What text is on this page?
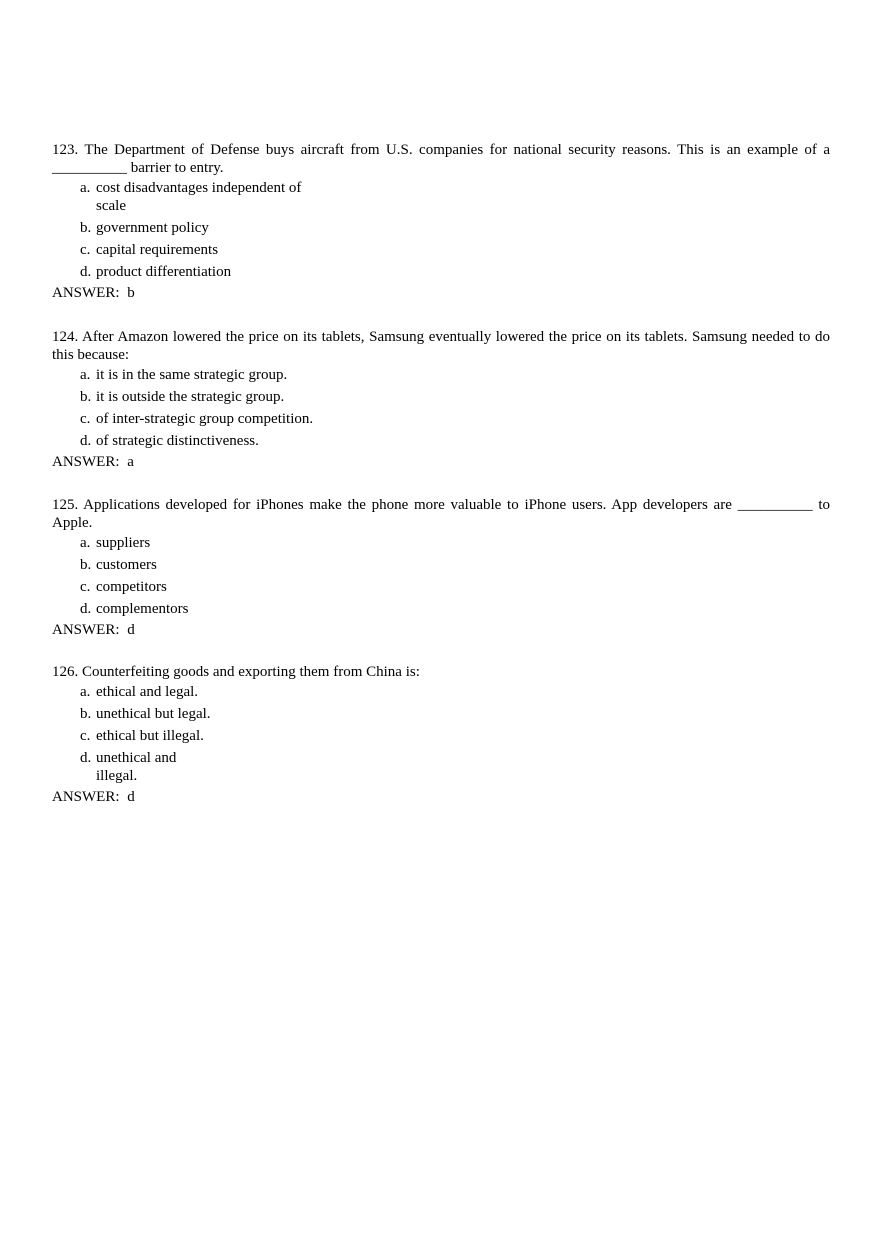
123. The Department of Defense buys aircraft from U.S. companies for national security reasons. This is an example of a __________ barrier to entry.

a. cost disadvantages independent of scale
b. government policy
c. capital requirements
d. product differentiation
ANSWER: b

124. After Amazon lowered the price on its tablets, Samsung eventually lowered the price on its tablets. Samsung needed to do this because:

a. it is in the same strategic group.
b. it is outside the strategic group.
c. of inter-strategic group competition.
d. of strategic distinctiveness.
ANSWER: a

125. Applications developed for iPhones make the phone more valuable to iPhone users. App developers are __________ to Apple.

a. suppliers
b. customers
c. competitors
d. complementors
ANSWER: d

126. Counterfeiting goods and exporting them from China is:

a. ethical and legal.
b. unethical but legal.
c. ethical but illegal.
d. unethical and illegal.
ANSWER: d
